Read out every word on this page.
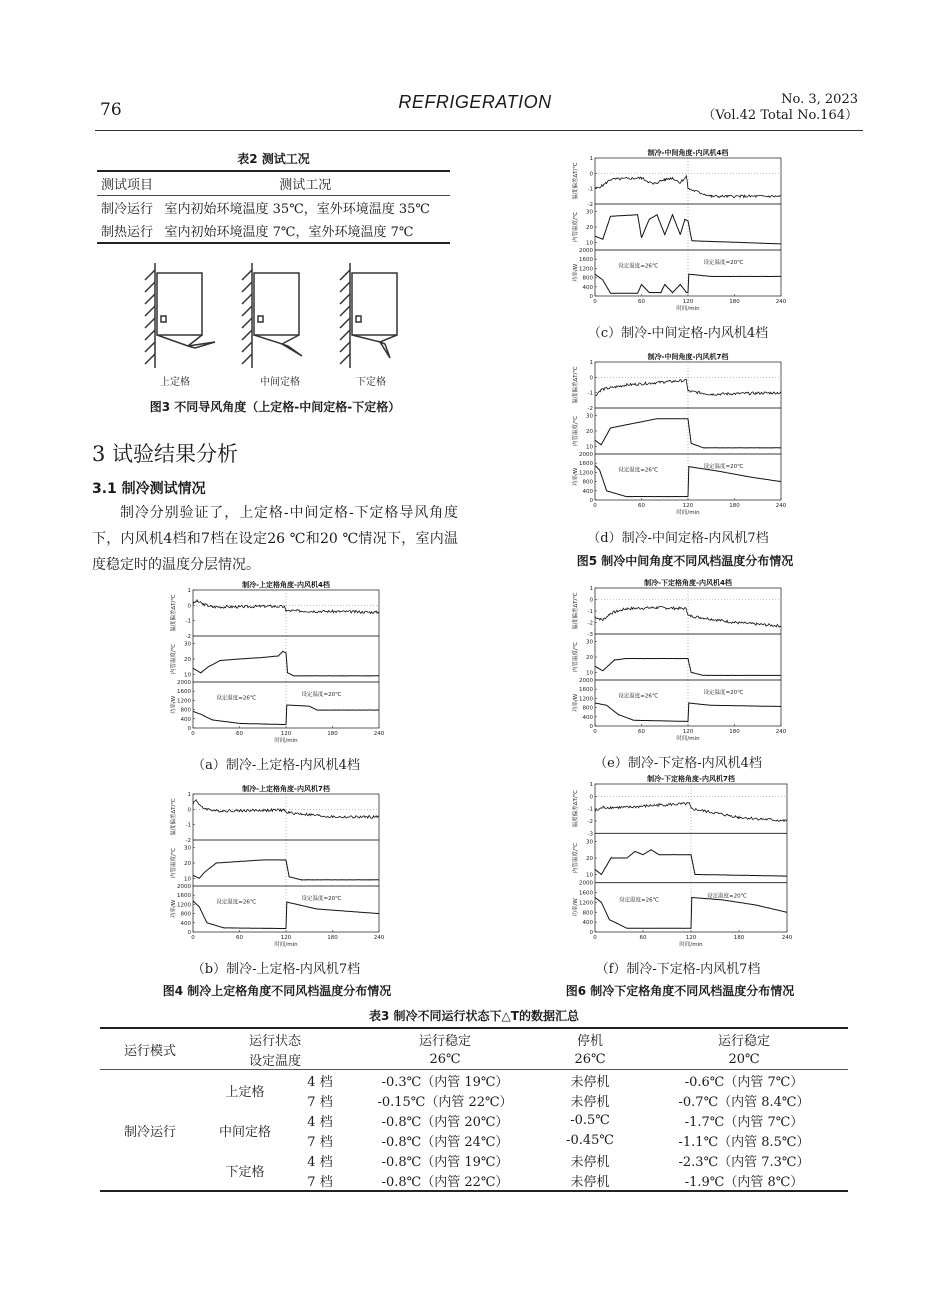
76	REFRIGERATION	No. 3, 2023
（Vol.42 Total No.164）
表2 测试工况
测试项目	测试工况
制冷运行	室内初始环境温度 35℃，室外环境温度 35℃
制热运行	室内初始环境温度 7℃，室外环境温度 7℃
上定格	中间定格	下定格
图3 不同导风角度（上定格-中间定格-下定格）
3 试验结果分析
3.1 制冷测试情况
制冷分别验证了，上定格-中间定格-下定格导风角度下，内风机4档和7档在设定26 ℃和20 ℃情况下，室内温度稳定时的温度分层情况。
制冷-上定格角度-内风机4档
1
0
-1
-2
温度偏差ΔT/℃
30
20
10
内管温度/℃
2000
1600
1200
800
400
0
功率/W	设定温度=26℃
设定温度=20℃
0	60	120	180	240
时间/min
（a）制冷-上定格-内风机4档
制冷-上定格角度-内风机7档
1
0
-1
-2
温度偏差ΔT/℃
30
20
10
内管温度/℃
2000
1600
1200
800
400
0
功率/W	设定温度=26℃
设定温度=20℃
0	60	120	180	240
时间/min
（b）制冷-上定格-内风机7档
图4 制冷上定格角度不同风档温度分布情况
制冷-中间角度-内风机4档
1
0
-1
-2
温度偏差ΔT/℃
30
20
10
内管温度/℃
2000
1600
1200
800
400
0
功率/W	设定温度=26℃
设定温度=20℃
0	60	120	180	240
时间/min
（c）制冷-中间定格-内风机4档
制冷-中间角度-内风机7档
1
0
-1
-2
温度偏差ΔT/℃
30
20
10
内管温度/℃
2000
1600
1200
800
400
0
功率/W	设定温度=26℃
设定温度=20℃
0	60	120	180	240
时间/min
（d）制冷-中间定格-内风机7档
图5 制冷中间角度不同风档温度分布情况
制冷-下定格角度-内风机4档
1
0
-1
-2
-3
温度偏差ΔT/℃
30
20
10
内管温度/℃
2000
1600
1200
800
400
0
功率/W	设定温度=26℃
设定温度=20℃
0	60	120	180	240
时间/min
（e）制冷-下定格-内风机4档
制冷-下定格角度-内风机7档
1
0
-1
-2
-3
温度偏差ΔT/℃
30
20
10
内管温度/℃
2000
1600
1200
800
400
0
功率/W	设定温度=26℃
设定温度=20℃
0	60	120	180	240
时间/min
（f）制冷-下定格-内风机7档
图6 制冷下定格角度不同风档温度分布情况
表3 制冷不同运行状态下△T的数据汇总
运行模式	运行状态		运行稳定	停机	运行稳定
	设定温度		26℃	26℃	20℃
制冷运行	上定格	4 档	-0.3℃（内管 19℃）	未停机	-0.6℃（内管 7℃）
		7 档	-0.15℃（内管 22℃）	未停机	-0.7℃（内管 8.4℃）
	中间定格	4 档	-0.8℃（内管 20℃）	-0.5℃	-1.7℃（内管 7℃）
		7 档	-0.8℃（内管 24℃）	-0.45℃	-1.1℃（内管 8.5℃）
	下定格	4 档	-0.8℃（内管 19℃）	未停机	-2.3℃（内管 7.3℃）
		7 档	-0.8℃（内管 22℃）	未停机	-1.9℃（内管 8℃）
